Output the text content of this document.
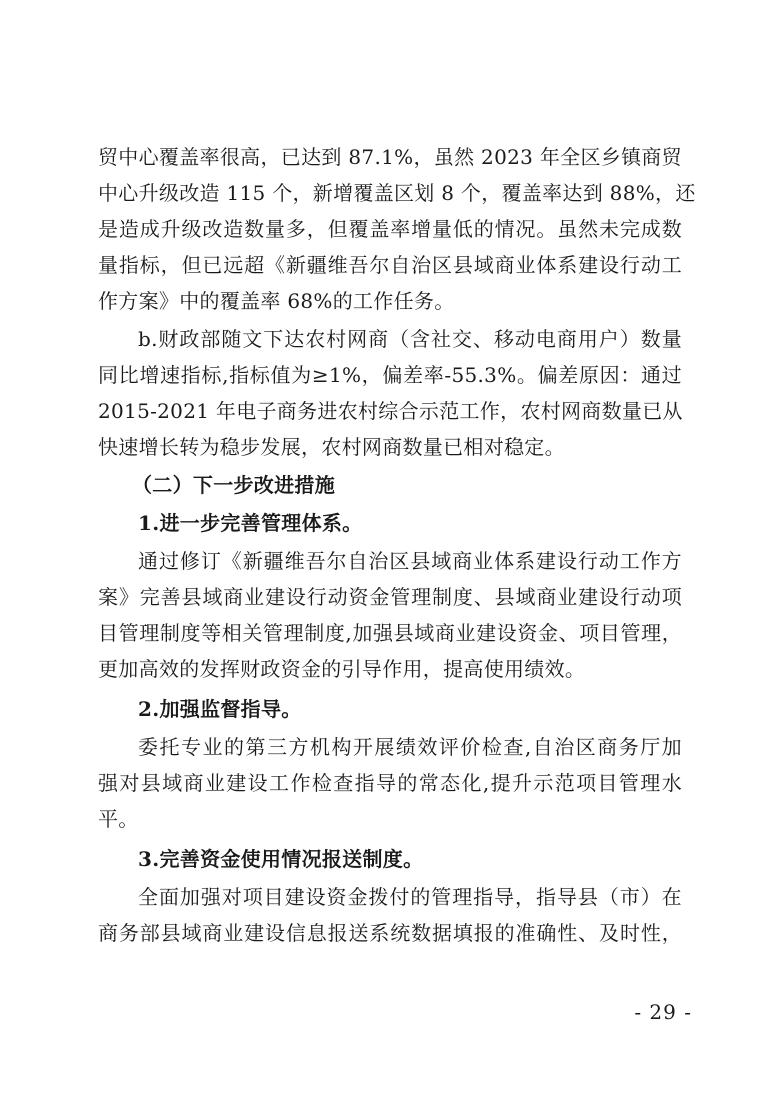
贸中心覆盖率很高，已达到 87.1%，虽然 2023 年全区乡镇商贸
中心升级改造 115 个，新增覆盖区划 8 个，覆盖率达到 88%，还
是造成升级改造数量多，但覆盖率增量低的情况。虽然未完成数
量指标，但已远超《新疆维吾尔自治区县域商业体系建设行动工
作方案》中的覆盖率 68%的工作任务。
b.财政部随文下达农村网商（含社交、移动电商用户）数量
同比增速指标,指标值为≥1%，偏差率-55.3%。偏差原因：通过
2015-2021 年电子商务进农村综合示范工作，农村网商数量已从
快速增长转为稳步发展，农村网商数量已相对稳定。
（二）下一步改进措施
1.进一步完善管理体系。
通过修订《新疆维吾尔自治区县域商业体系建设行动工作方
案》完善县域商业建设行动资金管理制度、县域商业建设行动项
目管理制度等相关管理制度,加强县域商业建设资金、项目管理，
更加高效的发挥财政资金的引导作用，提高使用绩效。
2.加强监督指导。
委托专业的第三方机构开展绩效评价检查,自治区商务厅加
强对县域商业建设工作检查指导的常态化,提升示范项目管理水
平。
3.完善资金使用情况报送制度。
全面加强对项目建设资金拨付的管理指导，指导县（市）在
商务部县域商业建设信息报送系统数据填报的准确性、及时性，
- 29 -
